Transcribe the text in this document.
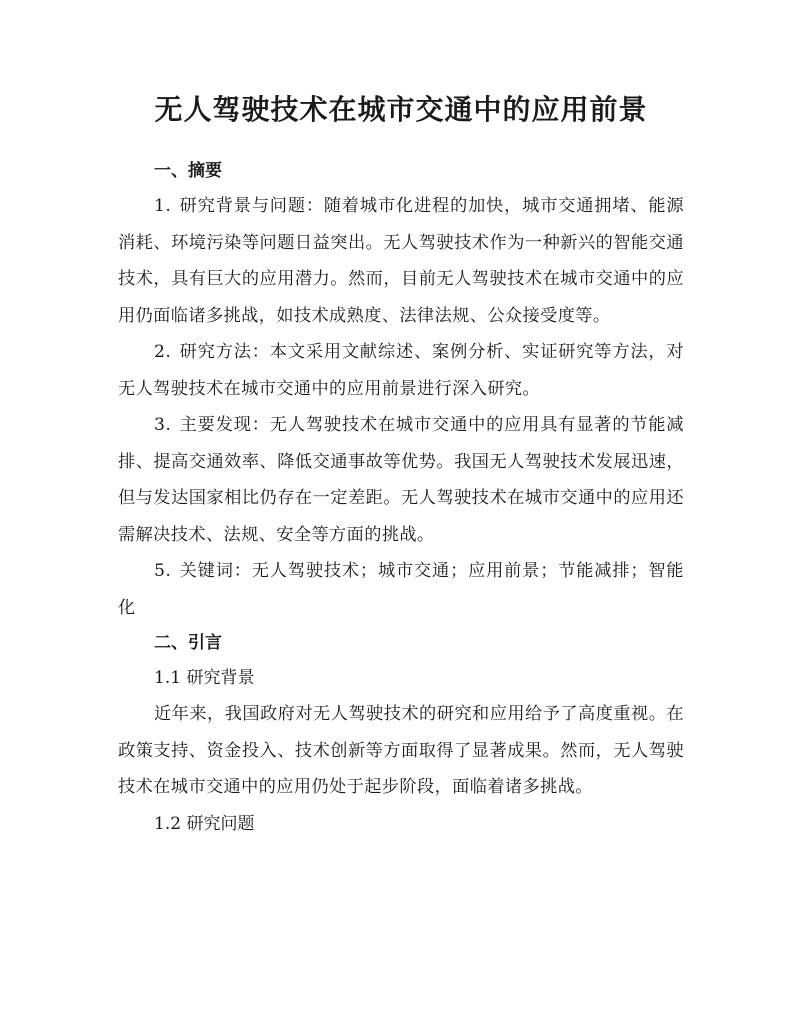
无人驾驶技术在城市交通中的应用前景

一、摘要

1. 研究背景与问题：随着城市化进程的加快，城市交通拥堵、能源消耗、环境污染等问题日益突出。无人驾驶技术作为一种新兴的智能交通技术，具有巨大的应用潜力。然而，目前无人驾驶技术在城市交通中的应用仍面临诸多挑战，如技术成熟度、法律法规、公众接受度等。

2. 研究方法：本文采用文献综述、案例分析、实证研究等方法，对无人驾驶技术在城市交通中的应用前景进行深入研究。

3. 主要发现：无人驾驶技术在城市交通中的应用具有显著的节能减排、提高交通效率、降低交通事故等优势。我国无人驾驶技术发展迅速，但与发达国家相比仍存在一定差距。无人驾驶技术在城市交通中的应用还需解决技术、法规、安全等方面的挑战。

5. 关键词：无人驾驶技术；城市交通；应用前景；节能减排；智能化

二、引言

1.1 研究背景

近年来，我国政府对无人驾驶技术的研究和应用给予了高度重视。在政策支持、资金投入、技术创新等方面取得了显著成果。然而，无人驾驶技术在城市交通中的应用仍处于起步阶段，面临着诸多挑战。

1.2 研究问题
